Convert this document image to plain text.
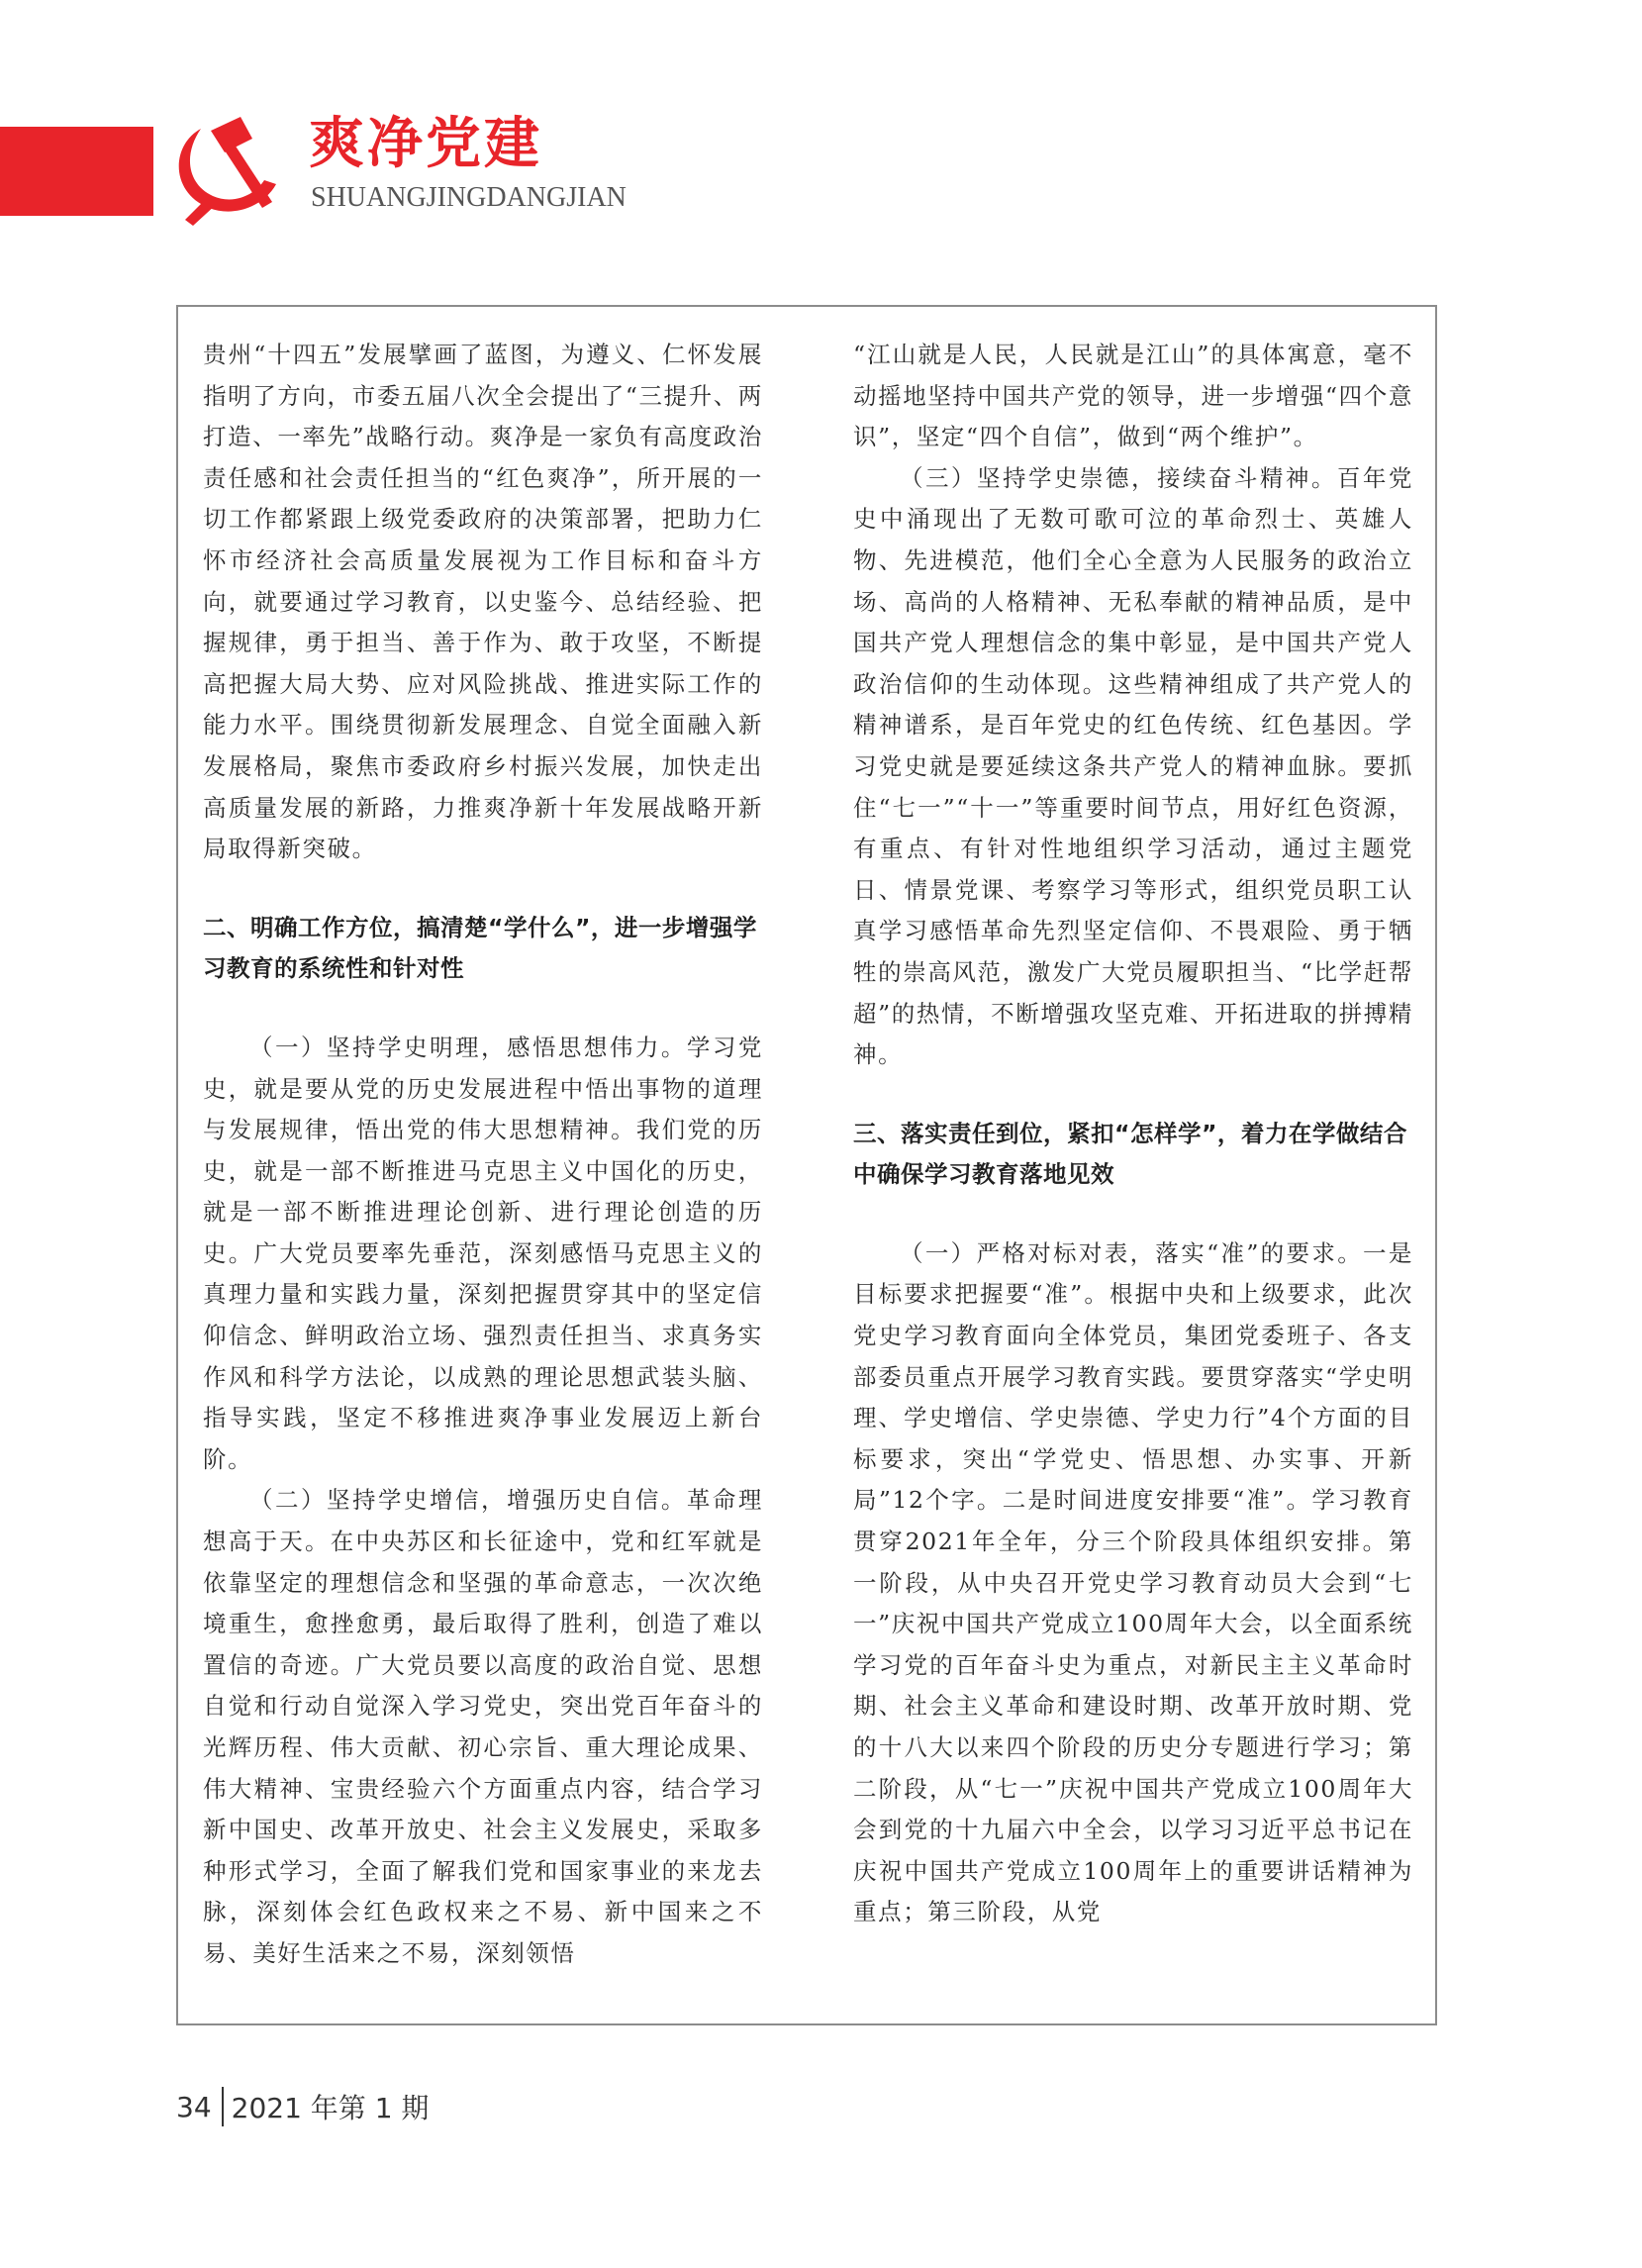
爽净党建

SHUANGJINGDANGJIAN

贵州“十四五”发展擘画了蓝图，为遵义、仁怀发展指明了方向，市委五届八次全会提出了“三提升、两打造、一率先”战略行动。爽净是一家负有高度政治责任感和社会责任担当的“红色爽净”，所开展的一切工作都紧跟上级党委政府的决策部署，把助力仁怀市经济社会高质量发展视为工作目标和奋斗方向，就要通过学习教育，以史鉴今、总结经验、把握规律，勇于担当、善于作为、敢于攻坚，不断提高把握大局大势、应对风险挑战、推进实际工作的能力水平。围绕贯彻新发展理念、自觉全面融入新发展格局，聚焦市委政府乡村振兴发展，加快走出高质量发展的新路，力推爽净新十年发展战略开新局取得新突破。

二、明确工作方位，搞清楚“学什么”，进一步增强学习教育的系统性和针对性

（一）坚持学史明理，感悟思想伟力。学习党史，就是要从党的历史发展进程中悟出事物的道理与发展规律，悟出党的伟大思想精神。我们党的历史，就是一部不断推进马克思主义中国化的历史，就是一部不断推进理论创新、进行理论创造的历史。广大党员要率先垂范，深刻感悟马克思主义的真理力量和实践力量，深刻把握贯穿其中的坚定信仰信念、鲜明政治立场、强烈责任担当、求真务实作风和科学方法论，以成熟的理论思想武装头脑、指导实践，坚定不移推进爽净事业发展迈上新台阶。

（二）坚持学史增信，增强历史自信。革命理想高于天。在中央苏区和长征途中，党和红军就是依靠坚定的理想信念和坚强的革命意志，一次次绝境重生，愈挫愈勇，最后取得了胜利，创造了难以置信的奇迹。广大党员要以高度的政治自觉、思想自觉和行动自觉深入学习党史，突出党百年奋斗的光辉历程、伟大贡献、初心宗旨、重大理论成果、伟大精神、宝贵经验六个方面重点内容，结合学习新中国史、改革开放史、社会主义发展史，采取多种形式学习，全面了解我们党和国家事业的来龙去脉，深刻体会红色政权来之不易、新中国来之不易、美好生活来之不易，深刻领悟

“江山就是人民，人民就是江山”的具体寓意，毫不动摇地坚持中国共产党的领导，进一步增强“四个意识”，坚定“四个自信”，做到“两个维护”。

（三）坚持学史崇德，接续奋斗精神。百年党史中涌现出了无数可歌可泣的革命烈士、英雄人物、先进模范，他们全心全意为人民服务的政治立场、高尚的人格精神、无私奉献的精神品质，是中国共产党人理想信念的集中彰显，是中国共产党人政治信仰的生动体现。这些精神组成了共产党人的精神谱系，是百年党史的红色传统、红色基因。学习党史就是要延续这条共产党人的精神血脉。要抓住“七一”“十一”等重要时间节点，用好红色资源，有重点、有针对性地组织学习活动，通过主题党日、情景党课、考察学习等形式，组织党员职工认真学习感悟革命先烈坚定信仰、不畏艰险、勇于牺牲的崇高风范，激发广大党员履职担当、“比学赶帮超”的热情，不断增强攻坚克难、开拓进取的拼搏精神。

三、落实责任到位，紧扣“怎样学”，着力在学做结合中确保学习教育落地见效

（一）严格对标对表，落实“准”的要求。一是目标要求把握要“准”。根据中央和上级要求，此次党史学习教育面向全体党员，集团党委班子、各支部委员重点开展学习教育实践。要贯穿落实“学史明理、学史增信、学史崇德、学史力行”4个方面的目标要求，突出“学党史、悟思想、办实事、开新局”12个字。二是时间进度安排要“准”。学习教育贯穿2021年全年，分三个阶段具体组织安排。第一阶段，从中央召开党史学习教育动员大会到“七一”庆祝中国共产党成立100周年大会，以全面系统学习党的百年奋斗史为重点，对新民主主义革命时期、社会主义革命和建设时期、改革开放时期、党的十八大以来四个阶段的历史分专题进行学习；第二阶段，从“七一”庆祝中国共产党成立100周年大会到党的十九届六中全会，以学习习近平总书记在庆祝中国共产党成立100周年上的重要讲话精神为重点；第三阶段，从党

34 2021 年第 1 期
